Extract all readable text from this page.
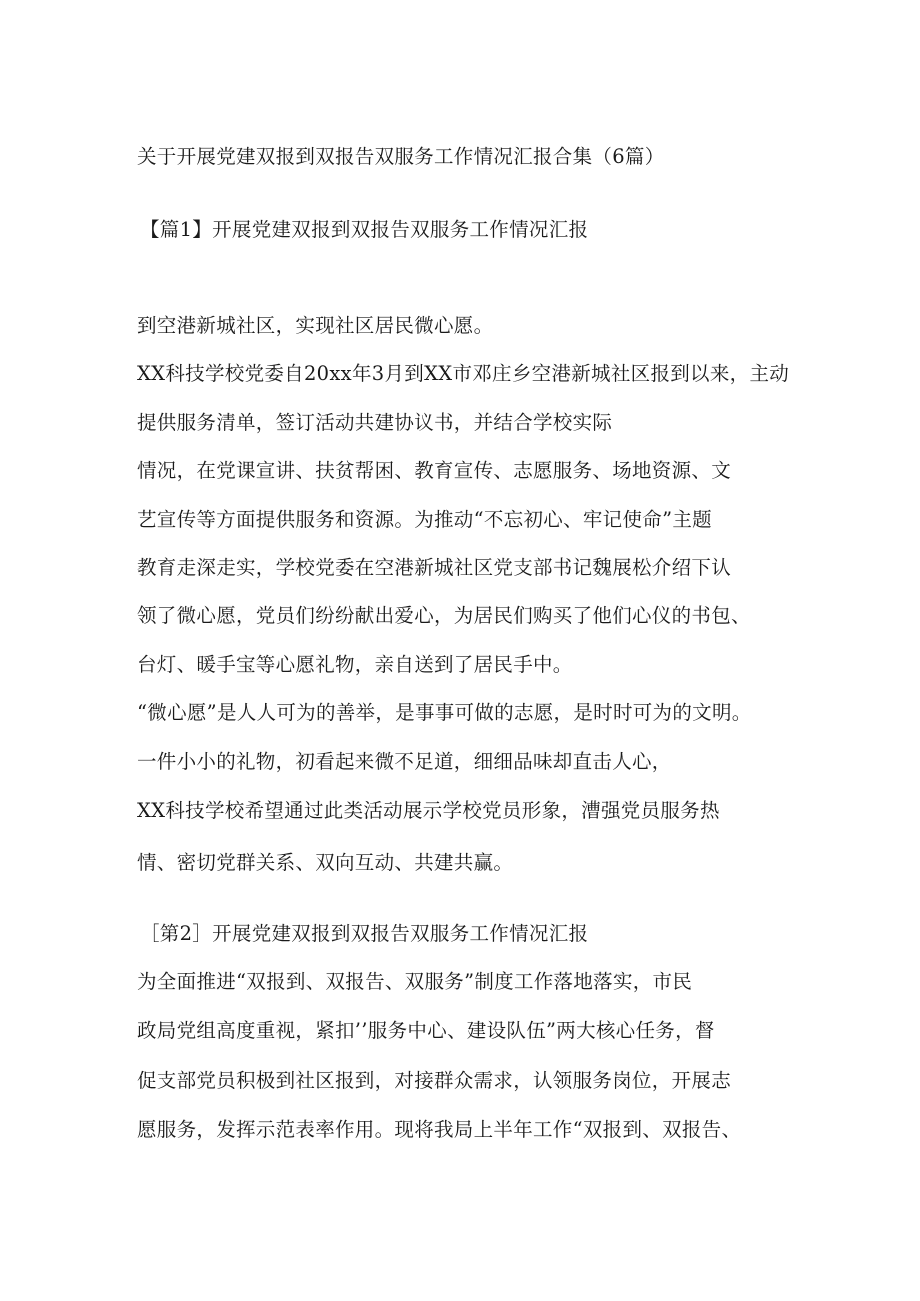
关于开展党建双报到双报告双服务工作情况汇报合集（6篇）
【篇1】开展党建双报到双报告双服务工作情况汇报
到空港新城社区，实现社区居民微心愿。
XX科技学校党委自20xx年3月到XX市邓庄乡空港新城社区报到以来，主动
提供服务清单，签订活动共建协议书，并结合学校实际
情况，在党课宣讲、扶贫帮困、教育宣传、志愿服务、场地资源、文
艺宣传等方面提供服务和资源。为推动“不忘初心、牢记使命”主题
教育走深走实，学校党委在空港新城社区党支部书记魏展松介绍下认
领了微心愿，党员们纷纷献出爱心，为居民们购买了他们心仪的书包、
台灯、暖手宝等心愿礼物，亲自送到了居民手中。
“微心愿”是人人可为的善举，是事事可做的志愿，是时时可为的文明。
一件小小的礼物，初看起来微不足道，细细品味却直击人心，
XX科技学校希望通过此类活动展示学校党员形象，漕强党员服务热
情、密切党群关系、双向互动、共建共赢。
［第2］开展党建双报到双报告双服务工作情况汇报
为全面推进“双报到、双报告、双服务”制度工作落地落实，市民
政局党组高度重视，紧扣’’服务中心、建设队伍”两大核心任务，督
促支部党员积极到社区报到，对接群众需求，认领服务岗位，开展志
愿服务，发挥示范表率作用。现将我局上半年工作“双报到、双报告、
